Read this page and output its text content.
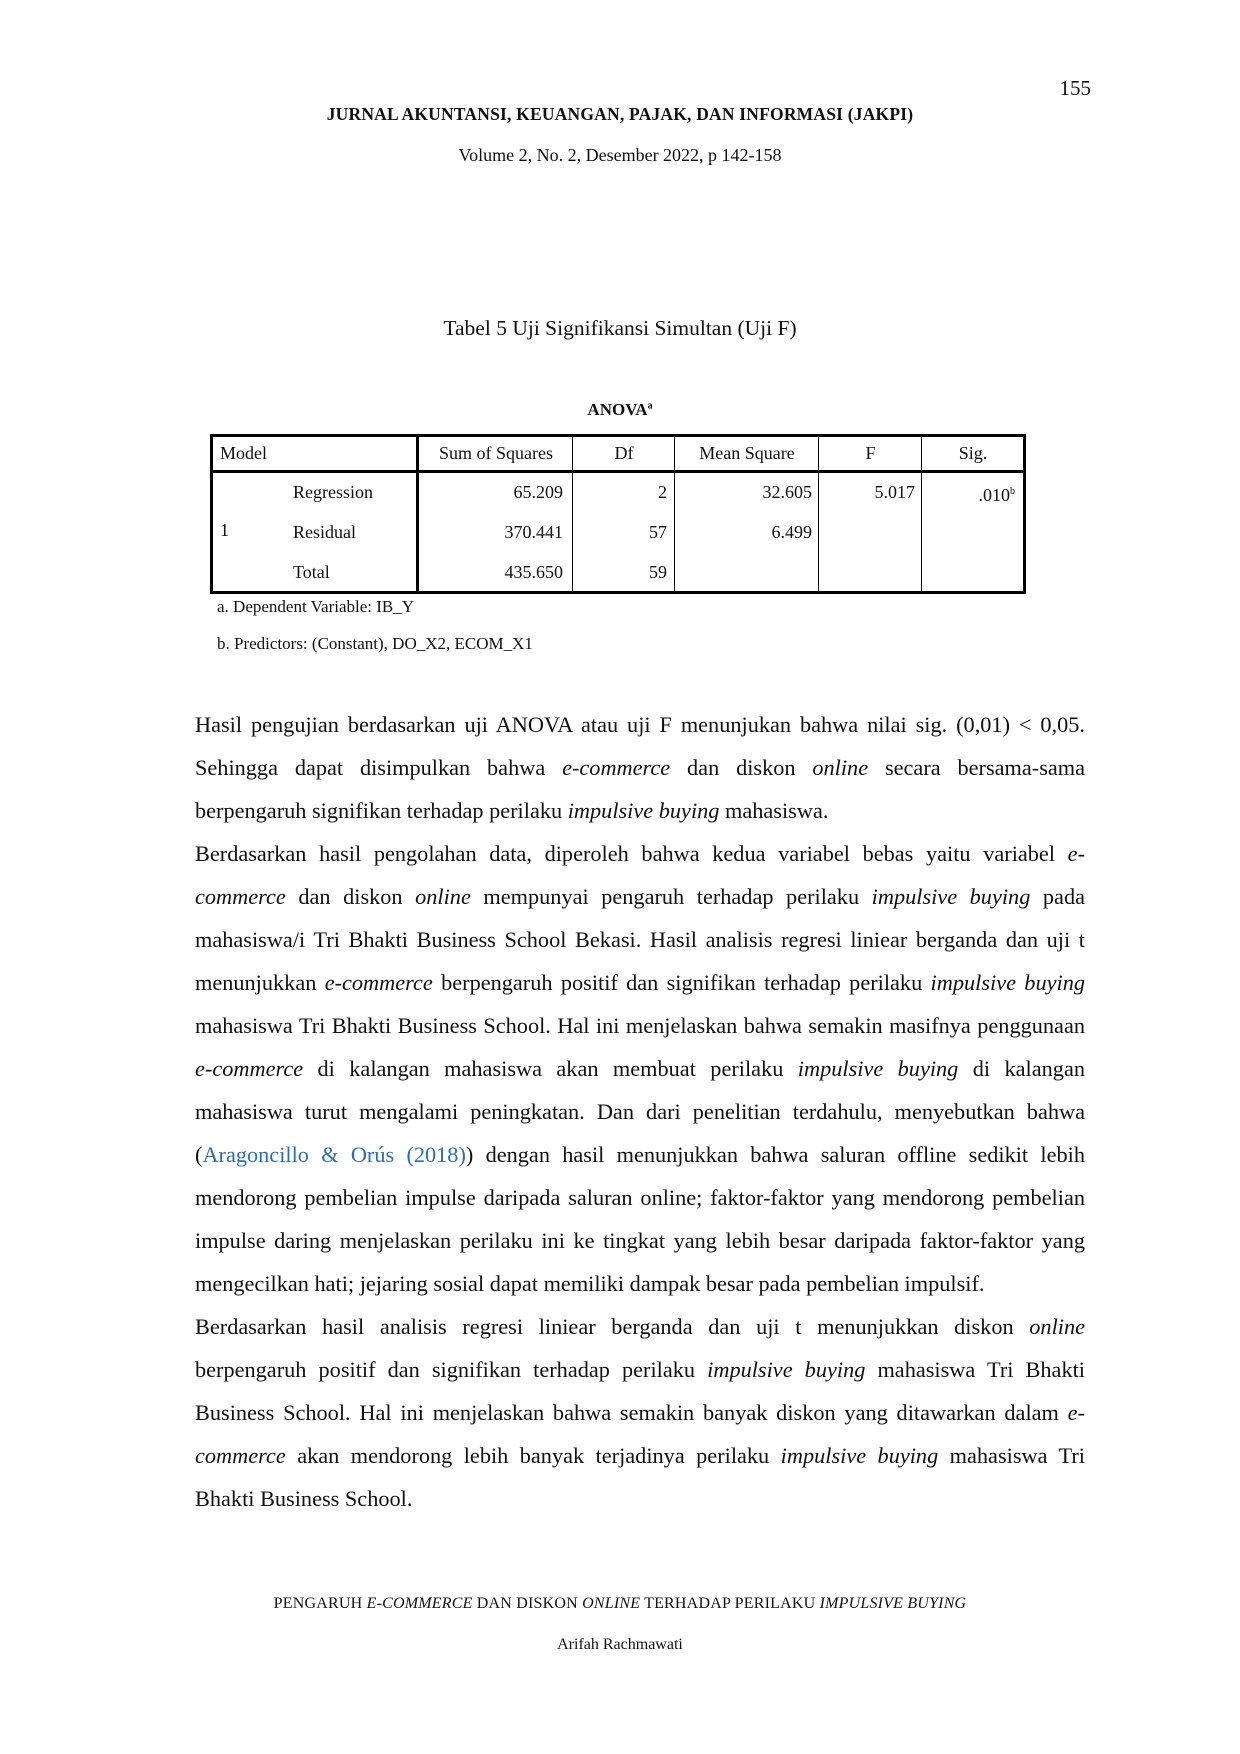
155
JURNAL AKUNTANSI, KEUANGAN, PAJAK, DAN INFORMASI (JAKPI)
Volume 2, No. 2, Desember 2022, p 142-158
Tabel 5 Uji Signifikansi Simultan (Uji F)
ANOVA$^a$
Model	Sum of Squares	Df	Mean Square	F	Sig.
1
Regression	65.209	2	32.605	5.017	.010$^b$
Residual	370.441	57	6.499
Total	435.650	59
a. Dependent Variable: IB_Y
b. Predictors: (Constant), DO_X2, ECOM_X1

Hasil pengujian berdasarkan uji ANOVA atau uji F menunjukan bahwa nilai sig. (0,01) < 0,05. Sehingga dapat disimpulkan bahwa e-commerce dan diskon online secara bersama-sama berpengaruh signifikan terhadap perilaku impulsive buying mahasiswa.

Berdasarkan hasil pengolahan data, diperoleh bahwa kedua variabel bebas yaitu variabel e-commerce dan diskon online mempunyai pengaruh terhadap perilaku impulsive buying pada mahasiswa/i Tri Bhakti Business School Bekasi. Hasil analisis regresi liniear berganda dan uji t menunjukkan e-commerce berpengaruh positif dan signifikan terhadap perilaku impulsive buying mahasiswa Tri Bhakti Business School. Hal ini menjelaskan bahwa semakin masifnya penggunaan e-commerce di kalangan mahasiswa akan membuat perilaku impulsive buying di kalangan mahasiswa turut mengalami peningkatan. Dan dari penelitian terdahulu, menyebutkan bahwa (Aragoncillo & Orús (2018)) dengan hasil menunjukkan bahwa saluran offline sedikit lebih mendorong pembelian impulse daripada saluran online; faktor-faktor yang mendorong pembelian impulse daring menjelaskan perilaku ini ke tingkat yang lebih besar daripada faktor-faktor yang mengecilkan hati; jejaring sosial dapat memiliki dampak besar pada pembelian impulsif.

Berdasarkan hasil analisis regresi liniear berganda dan uji t menunjukkan diskon online berpengaruh positif dan signifikan terhadap perilaku impulsive buying mahasiswa Tri Bhakti Business School. Hal ini menjelaskan bahwa semakin banyak diskon yang ditawarkan dalam e-commerce akan mendorong lebih banyak terjadinya perilaku impulsive buying mahasiswa Tri Bhakti Business School.

PENGARUH E-COMMERCE DAN DISKON ONLINE TERHADAP PERILAKU IMPULSIVE BUYING
Arifah Rachmawati
